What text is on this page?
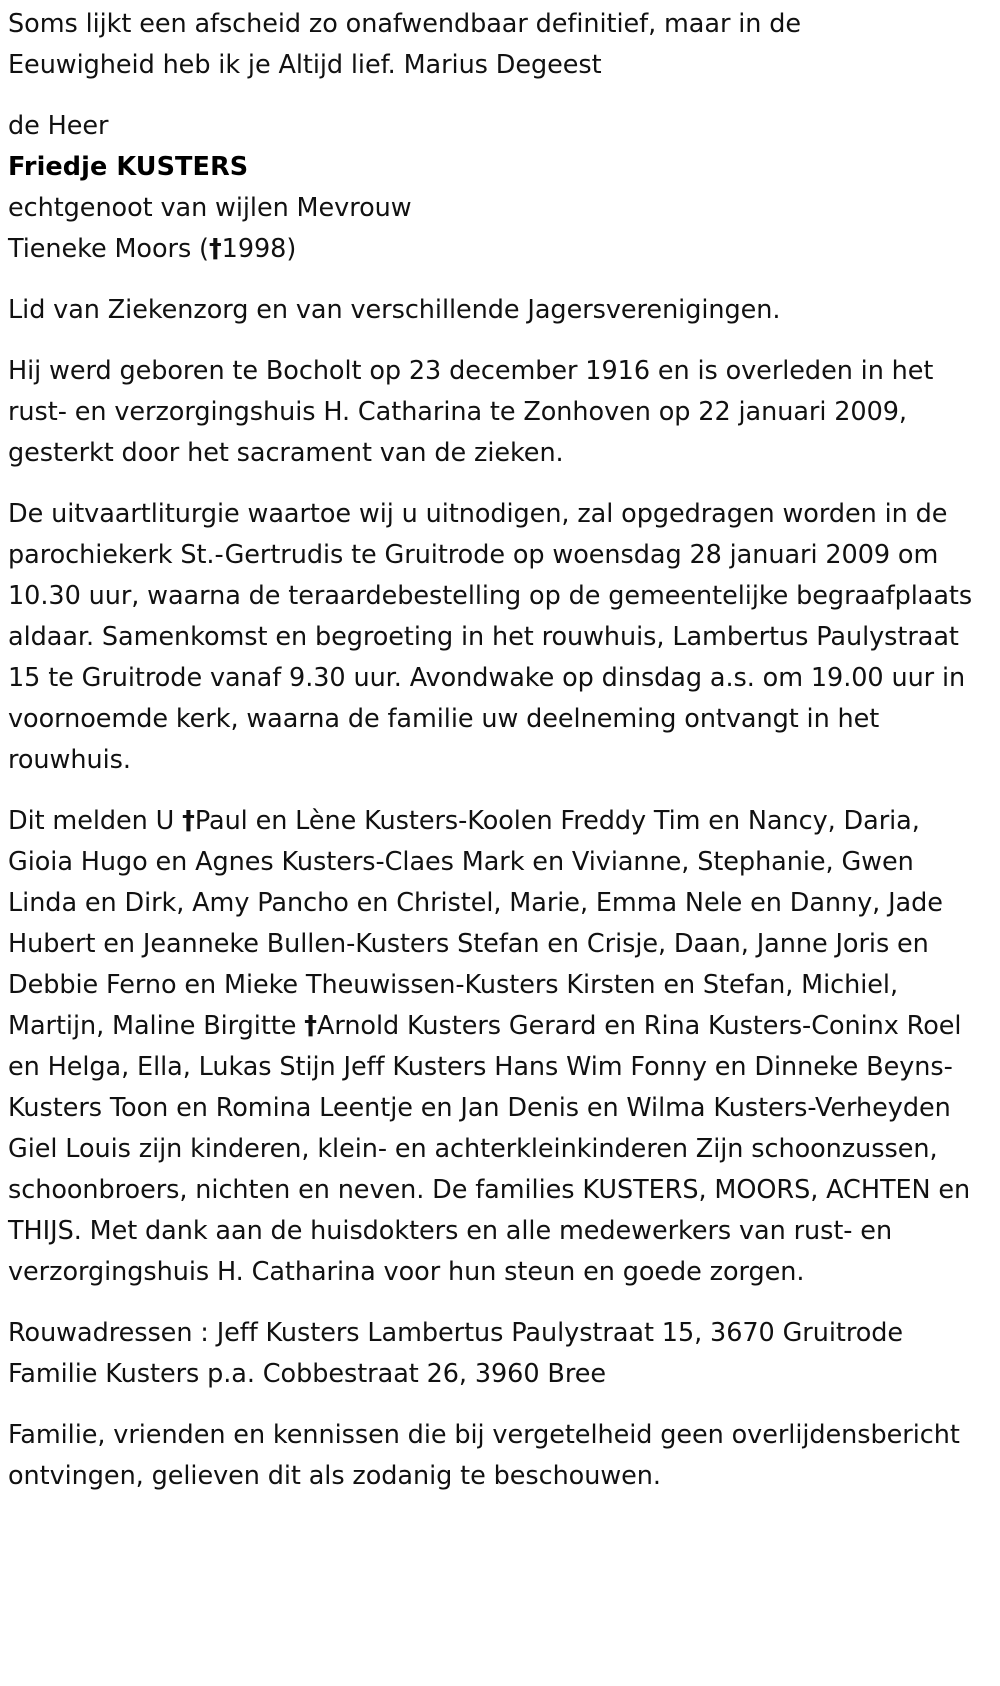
Soms lijkt een afscheid zo onafwendbaar definitief, maar in de

Eeuwigheid heb ik je Altijd lief. Marius Degeest

de Heer

Friedje KUSTERS

echtgenoot van wijlen Mevrouw

Tieneke Moors (†1998)

Lid van Ziekenzorg en van verschillende Jagersverenigingen.

Hij werd geboren te Bocholt op 23 december 1916 en is overleden in het rust- en verzorgingshuis H. Catharina te Zonhoven op 22 januari 2009, gesterkt door het sacrament van de zieken.

De uitvaartliturgie waartoe wij u uitnodigen, zal opgedragen worden in de parochiekerk St.-Gertrudis te Gruitrode op woensdag 28 januari 2009 om 10.30 uur, waarna de teraardebestelling op de gemeentelijke begraafplaats aldaar. Samenkomst en begroeting in het rouwhuis, Lambertus Paulystraat 15 te Gruitrode vanaf 9.30 uur. Avondwake op dinsdag a.s. om 19.00 uur in voornoemde kerk, waarna de familie uw deelneming ontvangt in het rouwhuis.

Dit melden U †Paul en Lène Kusters-Koolen Freddy Tim en Nancy, Daria, Gioia Hugo en Agnes Kusters-Claes Mark en Vivianne, Stephanie, Gwen Linda en Dirk, Amy Pancho en Christel, Marie, Emma Nele en Danny, Jade Hubert en Jeanneke Bullen-Kusters Stefan en Crisje, Daan, Janne Joris en Debbie Ferno en Mieke Theuwissen-Kusters Kirsten en Stefan, Michiel, Martijn, Maline Birgitte †Arnold Kusters Gerard en Rina Kusters-Coninx Roel en Helga, Ella, Lukas Stijn Jeff Kusters Hans Wim Fonny en Dinneke Beyns-Kusters Toon en Romina Leentje en Jan Denis en Wilma Kusters-Verheyden Giel Louis zijn kinderen, klein- en achterkleinkinderen Zijn schoonzussen, schoonbroers, nichten en neven. De families KUSTERS, MOORS, ACHTEN en THIJS. Met dank aan de huisdokters en alle medewerkers van rust- en verzorgingshuis H. Catharina voor hun steun en goede zorgen.

Rouwadressen : Jeff Kusters Lambertus Paulystraat 15, 3670 Gruitrode

Familie Kusters p.a. Cobbestraat 26, 3960 Bree

Familie, vrienden en kennissen die bij vergetelheid geen overlijdensbericht ontvingen, gelieven dit als zodanig te beschouwen.
